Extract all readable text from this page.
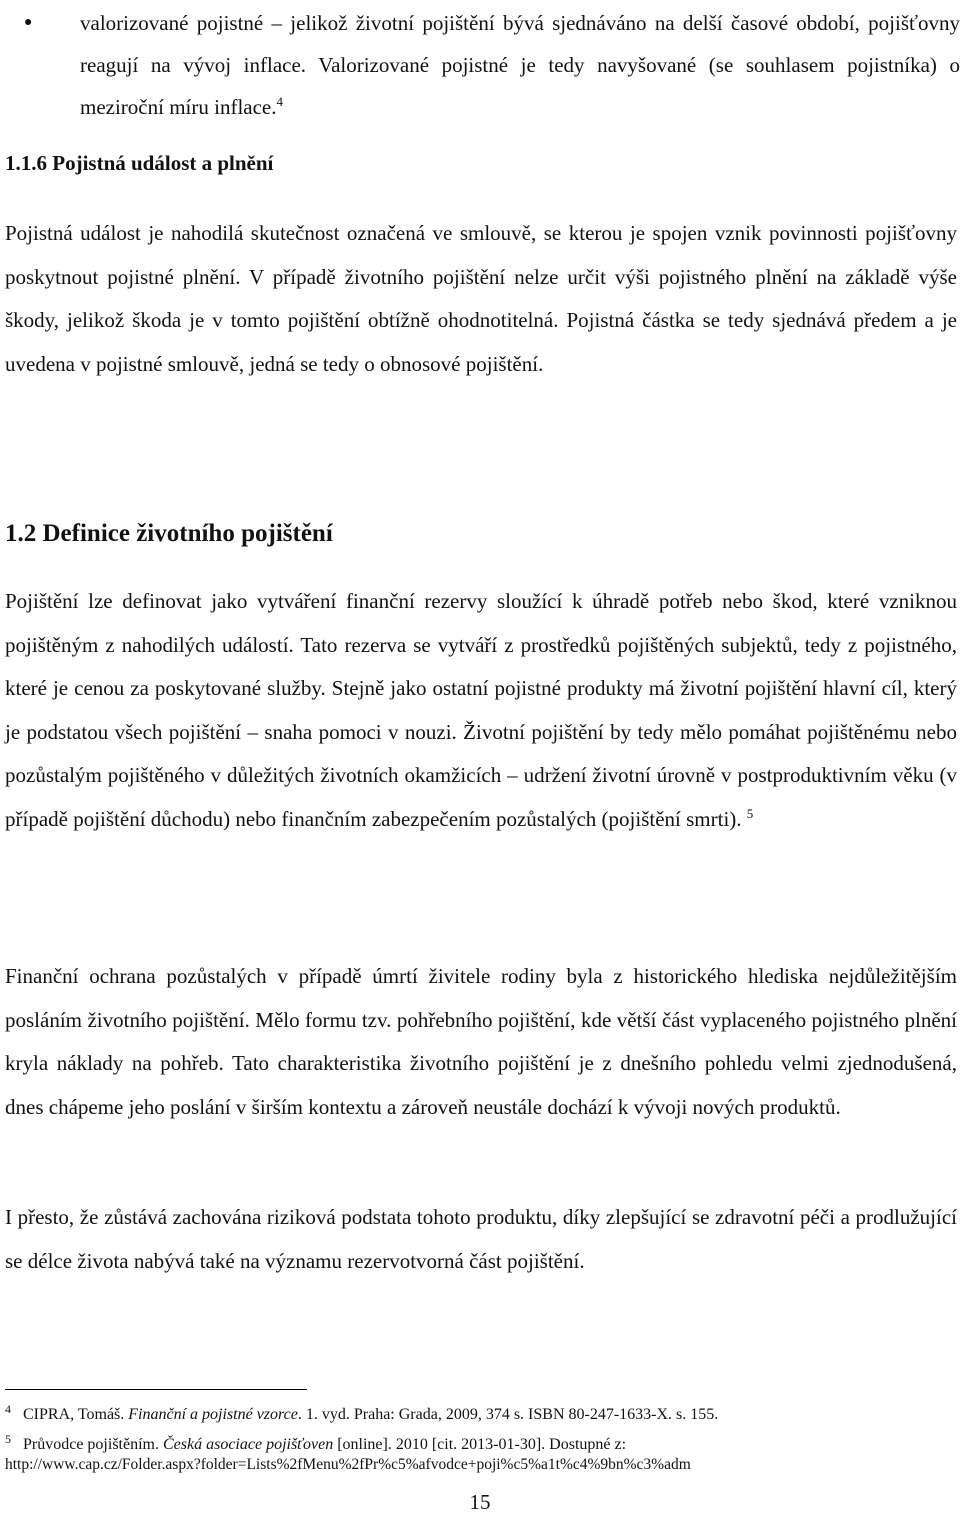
● valorizované pojistné – jelikož životní pojištění bývá sjednáváno na delší časové období, pojišťovny reagují na vývoj inflace. Valorizované pojistné je tedy navyšované (se souhlasem pojistníka) o meziroční míru inflace.$^4$
1.1.6 Pojistná událost a plnění
Pojistná událost je nahodilá skutečnost označená ve smlouvě, se kterou je spojen vznik povinnosti pojišťovny poskytnout pojistné plnění. V případě životního pojištění nelze určit výši pojistného plnění na základě výše škody, jelikož škoda je v tomto pojištění obtížně ohodnotitelná. Pojistná částka se tedy sjednává předem a je uvedena v pojistné smlouvě, jedná se tedy o obnosové pojištění.
1.2 Definice životního pojištění
Pojištění lze definovat jako vytváření finanční rezervy sloužící k úhradě potřeb nebo škod, které vzniknou pojištěným z nahodilých událostí. Tato rezerva se vytváří z prostředků pojištěných subjektů, tedy z pojistného, které je cenou za poskytované služby. Stejně jako ostatní pojistné produkty má životní pojištění hlavní cíl, který je podstatou všech pojištění – snaha pomoci v nouzi. Životní pojištění by tedy mělo pomáhat pojištěnému nebo pozůstalým pojištěného v důležitých životních okamžicích – udržení životní úrovně v postproduktivním věku (v případě pojištění důchodu) nebo finančním zabezpečením pozůstalých (pojištění smrti). $^5$
Finanční ochrana pozůstalých v případě úmrtí živitele rodiny byla z historického hlediska nejdůležitějším posláním životního pojištění. Mělo formu tzv. pohřebního pojištění, kde větší část vyplaceného pojistného plnění kryla náklady na pohřeb. Tato charakteristika životního pojištění je z dnešního pohledu velmi zjednodušená, dnes chápeme jeho poslání v širším kontextu a zároveň neustále dochází k vývoji nových produktů.
I přesto, že zůstává zachována riziková podstata tohoto produktu, díky zlepšující se zdravotní péči a prodlužující se délce života nabývá také na významu rezervotvorná část pojištění.
$^4$ CIPRA, Tomáš. Finanční a pojistné vzorce. 1. vyd. Praha: Grada, 2009, 374 s. ISBN 80-247-1633-X. s. 155.
$^5$ Průvodce pojištěním. Česká asociace pojišťoven [online]. 2010 [cit. 2013-01-30]. Dostupné z:
http://www.cap.cz/Folder.aspx?folder=Lists%2fMenu%2fPr%c5%afvodce+poji%c5%a1t%c4%9bn%c3%adm
15
